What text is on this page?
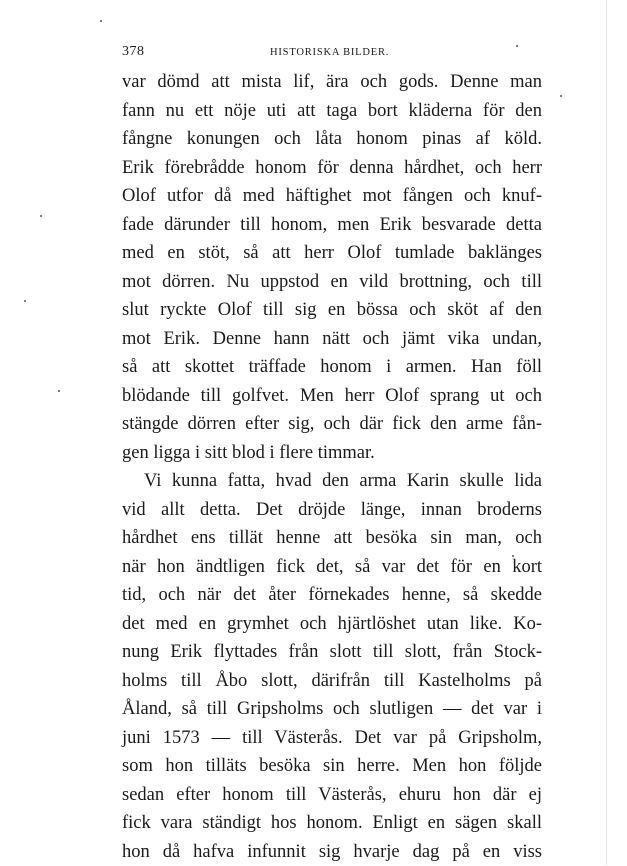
378	HISTORISKA BILDER.
var dömd att mista lif, ära och gods. Denne man
fann nu ett nöje uti att taga bort kläderna för den
fångne konungen och låta honom pinas af köld.
Erik förebrådde honom för denna hårdhet, och herr
Olof utfor då med häftighet mot fången och knuf-
fade därunder till honom, men Erik besvarade detta
med en stöt, så att herr Olof tumlade baklänges
mot dörren. Nu uppstod en vild brottning, och till
slut ryckte Olof till sig en bössa och sköt af den
mot Erik. Denne hann nätt och jämt vika undan,
så att skottet träffade honom i armen. Han föll
blödande till golfvet. Men herr Olof sprang ut och
stängde dörren efter sig, och där fick den arme fån-
gen ligga i sitt blod i flere timmar.
Vi kunna fatta, hvad den arma Karin skulle lida
vid allt detta. Det dröjde länge, innan broderns
hårdhet ens tillät henne att besöka sin man, och
när hon ändtligen fick det, så var det för en kort
tid, och när det åter förnekades henne, så skedde
det med en grymhet och hjärtlöshet utan like. Ko-
nung Erik flyttades från slott till slott, från Stock-
holms till Åbo slott, därifrån till Kastelholms på
Åland, så till Gripsholms och slutligen — det var i
juni 1573 — till Västerås. Det var på Gripsholm,
som hon tilläts besöka sin herre. Men hon följde
sedan efter honom till Västerås, ehuru hon där ej
fick vara ständigt hos honom. Enligt en sägen skall
hon då hafva infunnit sig hvarje dag på en viss
